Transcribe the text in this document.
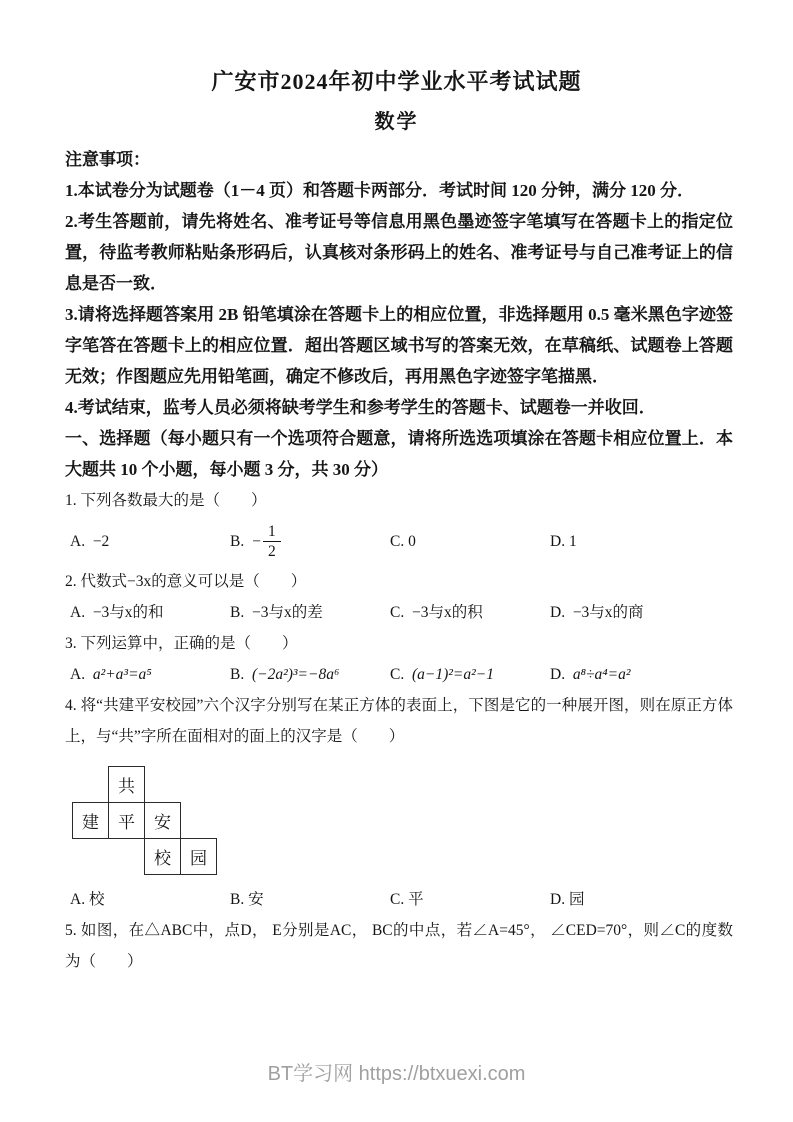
广安市2024年初中学业水平考试试题
数学

注意事项：

1.本试卷分为试题卷（1－4 页）和答题卡两部分．考试时间 120 分钟，满分 120 分．

2.考生答题前，请先将姓名、准考证号等信息用黑色墨迹签字笔填写在答题卡上的指定位置，待监考教师粘贴条形码后，认真核对条形码上的姓名、准考证号与自己准考证上的信息是否一致．

3.请将选择题答案用 2B 铅笔填涂在答题卡上的相应位置，非选择题用 0.5 毫米黑色字迹签字笔答在答题卡上的相应位置．超出答题区域书写的答案无效，在草稿纸、试题卷上答题无效；作图题应先用铅笔画，确定不修改后，再用黑色字迹签字笔描黑．

4.考试结束，监考人员必须将缺考学生和参考学生的答题卡、试题卷一并收回．

一、选择题（每小题只有一个选项符合题意，请将所选选项填涂在答题卡相应位置上．本大题共 10 个小题，每小题 3 分，共 30 分）

1. 下列各数最大的是（　　）

A.  −2	B. − $\frac{1}{2}$	C. 0	D. 1

2. 代数式−3x的意义可以是（　　）

A.  −3与x的和	B.  −3与x的差	C.  −3与x的积	D.  −3与x的商

3. 下列运算中，正确的是（　　）

A. a²+a³=a⁵	B. (−2a²)³=−8a⁶	C. (a−1)²=a²−1	D. a⁸÷a⁴=a²

4. 将“共建平安校园”六个汉字分别写在某正方体的表面上，下图是它的一种展开图，则在原正方体上，与“共”字所在面相对的面上的汉字是（　　）

共
建	平	安
校	园
A. 校	B. 安	C. 平	D. 园

5. 如图，在△ABC中，点D， E分别是AC， BC的中点，若∠A=45°， ∠CED=70°，则∠C的度数为（　　）

BT学习网 https://btxuexi.com
